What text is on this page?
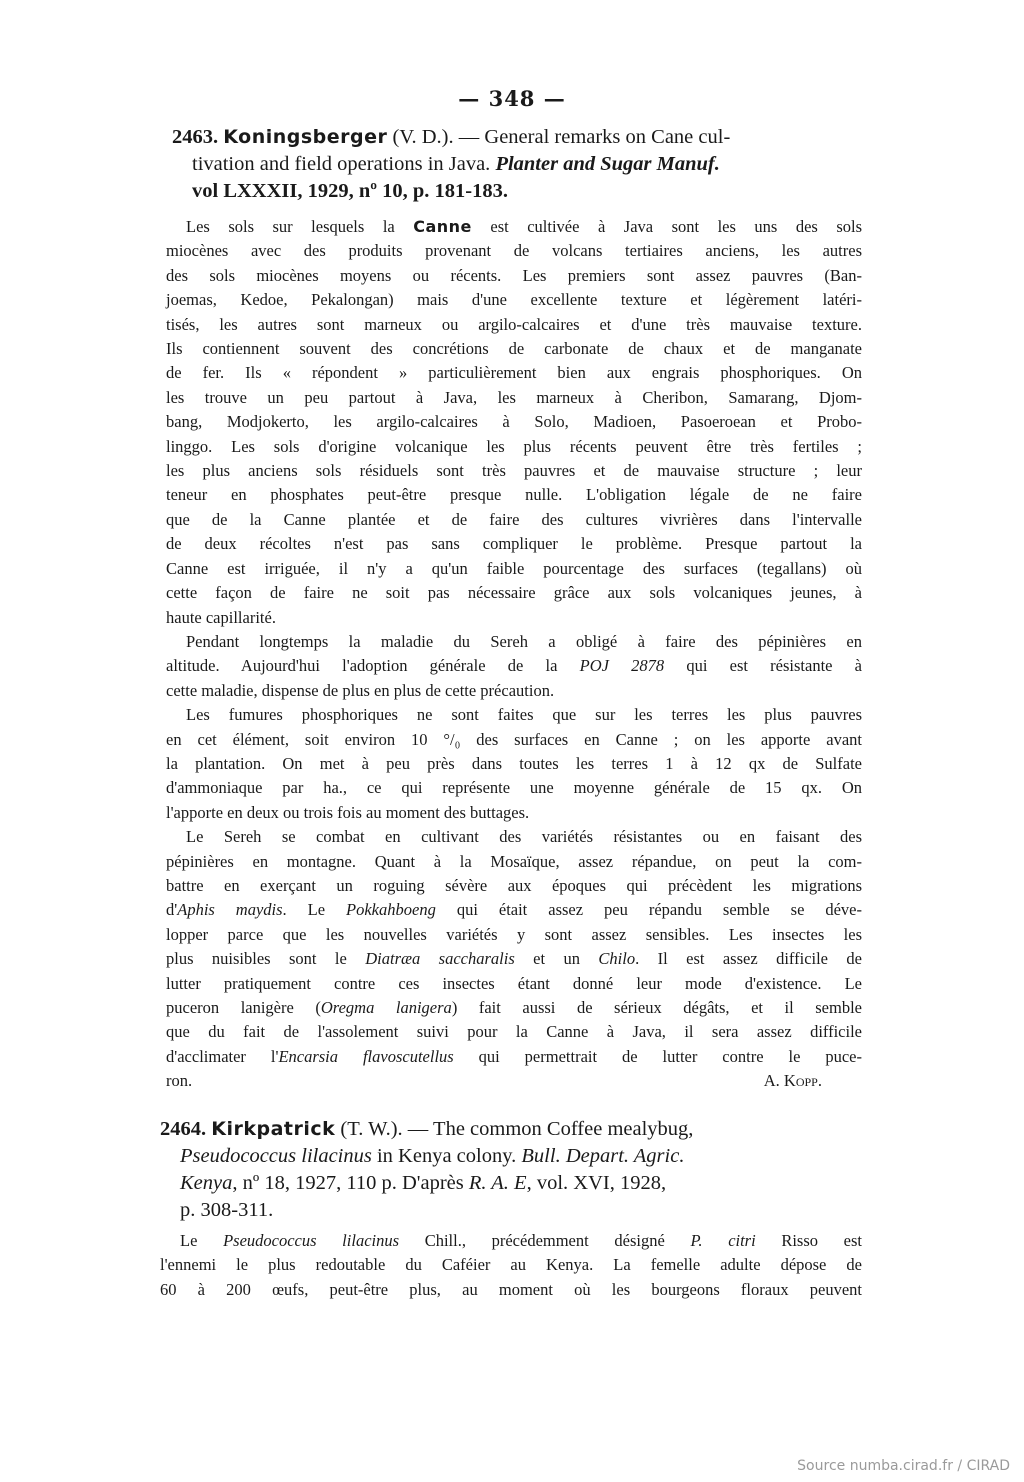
— 348 —
2463. Koningsberger (V. D.). — General remarks on Cane cul-
tivation and field operations in Java. Planter and Sugar Manuf.
vol LXXXII, 1929, nº 10, p. 181-183.
Les sols sur lesquels la Canne est cultivée à Java sont les uns des sols
miocènes avec des produits provenant de volcans tertiaires anciens, les autres
des sols miocènes moyens ou récents. Les premiers sont assez pauvres (Ban-
joemas, Kedoe, Pekalongan) mais d'une excellente texture et légèrement latéri-
tisés, les autres sont marneux ou argilo-calcaires et d'une très mauvaise texture.
Ils contiennent souvent des concrétions de carbonate de chaux et de manganate
de fer. Ils « répondent » particulièrement bien aux engrais phosphoriques. On
les trouve un peu partout à Java, les marneux à Cheribon, Samarang, Djom-
bang, Modjokerto, les argilo-calcaires à Solo, Madioen, Pasoeroean et Probo-
linggo. Les sols d'origine volcanique les plus récents peuvent être très fertiles ;
les plus anciens sols résiduels sont très pauvres et de mauvaise structure ; leur
teneur en phosphates peut-être presque nulle. L'obligation légale de ne faire
que de la Canne plantée et de faire des cultures vivrières dans l'intervalle
de deux récoltes n'est pas sans compliquer le problème. Presque partout la
Canne est irriguée, il n'y a qu'un faible pourcentage des surfaces (tegallans) où
cette façon de faire ne soit pas nécessaire grâce aux sols volcaniques jeunes, à
haute capillarité.
Pendant longtemps la maladie du Sereh a obligé à faire des pépinières en
altitude. Aujourd'hui l'adoption générale de la POJ 2878 qui est résistante à
cette maladie, dispense de plus en plus de cette précaution.
Les fumures phosphoriques ne sont faites que sur les terres les plus pauvres
en cet élément, soit environ 10 °/₀ des surfaces en Canne ; on les apporte avant
la plantation. On met à peu près dans toutes les terres 1 à 12 qx de Sulfate
d'ammoniaque par ha., ce qui représente une moyenne générale de 15 qx. On
l'apporte en deux ou trois fois au moment des buttages.
Le Sereh se combat en cultivant des variétés résistantes ou en faisant des
pépinières en montagne. Quant à la Mosaïque, assez répandue, on peut la com-
battre en exerçant un roguing sévère aux époques qui précèdent les migrations
d'Aphis maydis. Le Pokkahboeng qui était assez peu répandu semble se déve-
lopper parce que les nouvelles variétés y sont assez sensibles. Les insectes les
plus nuisibles sont le Diatræa saccharalis et un Chilo. Il est assez difficile de
lutter pratiquement contre ces insectes étant donné leur mode d'existence. Le
puceron lanigère (Oregma lanigera) fait aussi de sérieux dégâts, et il semble
que du fait de l'assolement suivi pour la Canne à Java, il sera assez difficile
d'acclimater l'Encarsia flavoscutellus qui permettrait de lutter contre le puce-
ron.	A. Kopp.
2464. Kirkpatrick (T. W.). — The common Coffee mealybug,
Pseudococcus lilacinus in Kenya colony. Bull. Depart. Agric.
Kenya, nº 18, 1927, 110 p. D'après R. A. E, vol. XVI, 1928,
p. 308-311.
Le Pseudococcus lilacinus Chill., précédemment désigné P. citri Risso est
l'ennemi le plus redoutable du Caféier au Kenya. La femelle adulte dépose de
60 à 200 œufs, peut-être plus, au moment où les bourgeons floraux peuvent
Source numba.cirad.fr / CIRAD
